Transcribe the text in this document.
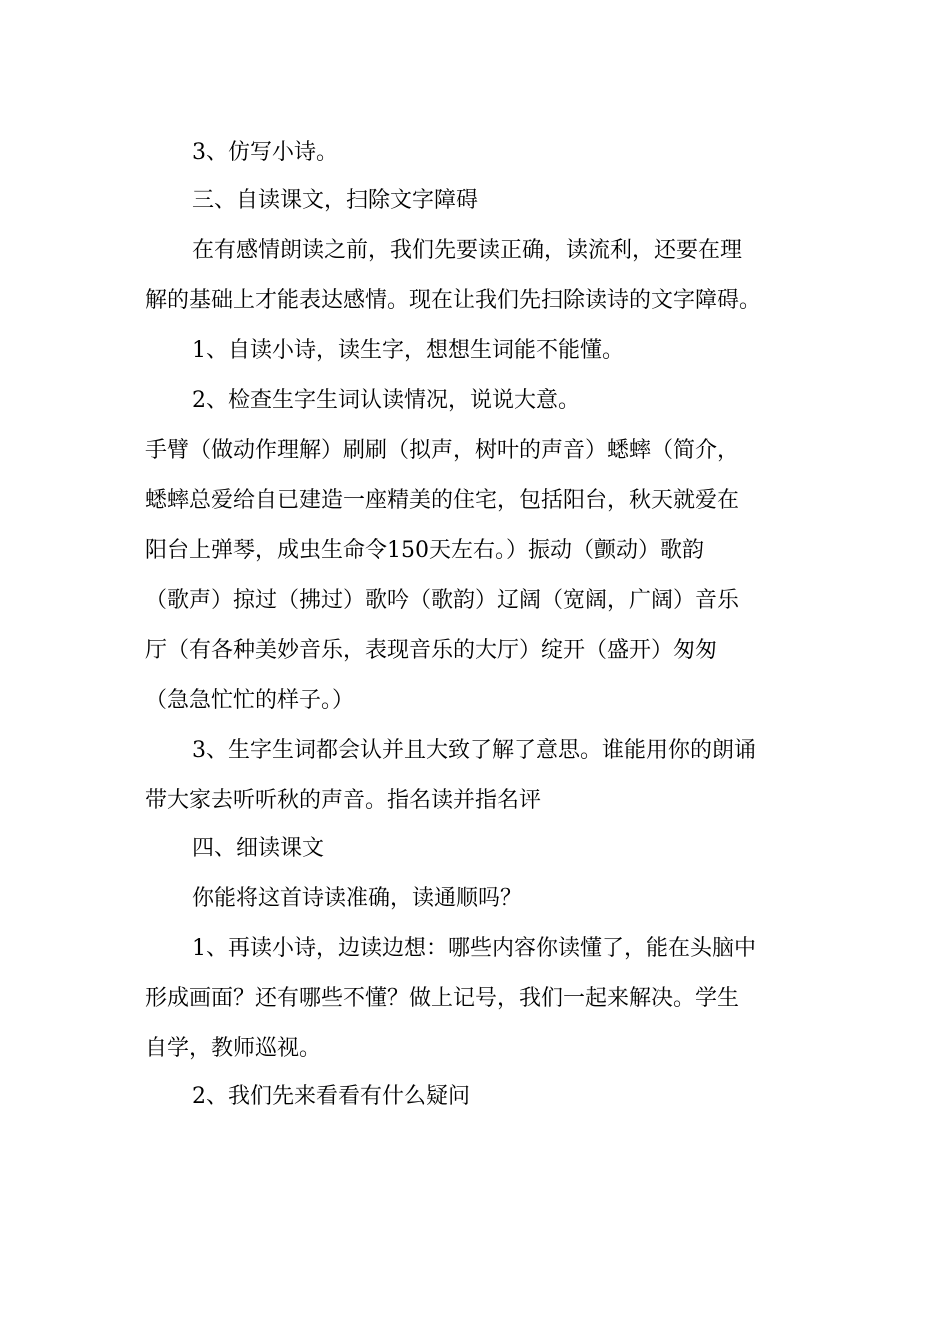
3、仿写小诗。
三、自读课文，扫除文字障碍
在有感情朗读之前，我们先要读正确，读流利，还要在理
解的基础上才能表达感情。现在让我们先扫除读诗的文字障碍。
1、自读小诗，读生字，想想生词能不能懂。
2、检查生字生词认读情况，说说大意。
手臂（做动作理解）刷刷（拟声，树叶的声音）蟋蟀（简介，
蟋蟀总爱给自已建造一座精美的住宅，包括阳台，秋天就爱在
阳台上弹琴，成虫生命令150天左右。）振动（颤动）歌韵
（歌声）掠过（拂过）歌吟（歌韵）辽阔（宽阔，广阔）音乐
厅（有各种美妙音乐，表现音乐的大厅）绽开（盛开）匆匆
（急急忙忙的样子。）
3、生字生词都会认并且大致了解了意思。谁能用你的朗诵
带大家去听听秋的声音。指名读并指名评
四、细读课文
你能将这首诗读准确，读通顺吗？
1、再读小诗，边读边想：哪些内容你读懂了，能在头脑中
形成画面？还有哪些不懂？做上记号，我们一起来解决。学生
自学，教师巡视。
2、我们先来看看有什么疑问
